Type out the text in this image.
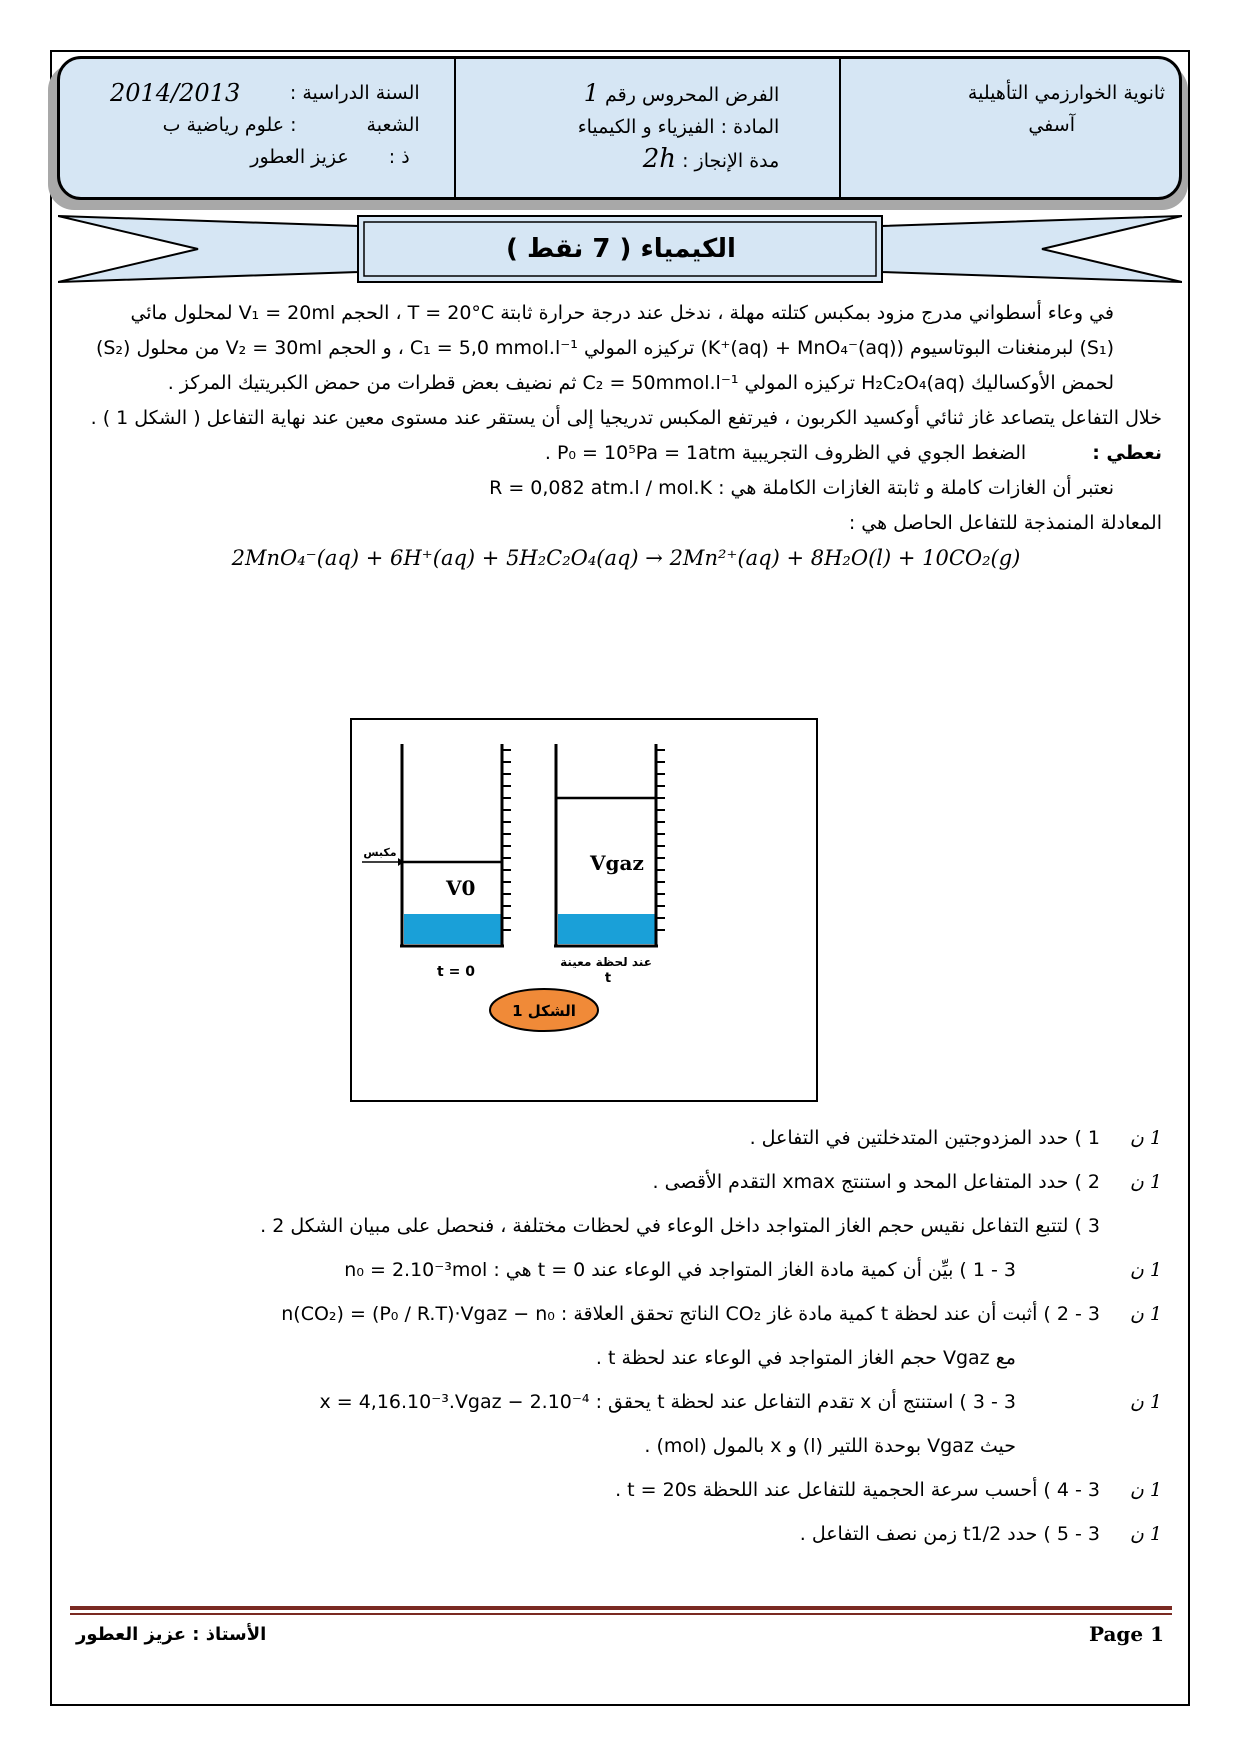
ثانوية الخوارزمي التأهيلية
آسفي
الفرض المحروس رقم 1
المادة : الفيزياء و الكيمياء
مدة الإنجاز : 2h
السنة الدراسية :
2014/2013
الشعبة
: علوم رياضية ب
ذ :
عزيز العطور
الكيمياء ( 7 نقط )

في وعاء أسطواني مدرج مزود بمكبس كتلته مهلة ، ندخل عند درجة حرارة ثابتة T = 20°C ، الحجم V₁ = 20ml لمحلول مائي (S₁) لبرمنغنات البوتاسيوم (K⁺(aq) + MnO₄⁻(aq)) تركيزه المولي C₁ = 5,0 mmol.l⁻¹ ، و الحجم V₂ = 30ml من محلول (S₂) لحمض الأوكساليك H₂C₂O₄(aq) تركيزه المولي C₂ = 50mmol.l⁻¹ ثم نضيف بعض قطرات من حمض الكبريتيك المركز .

خلال التفاعل يتصاعد غاز ثنائي أوكسيد الكربون ، فيرتفع المكبس تدريجيا إلى أن يستقر عند مستوى معين عند نهاية التفاعل ( الشكل 1 ) .

نعطي : الضغط الجوي في الظروف التجريبية P₀ = 10⁵Pa = 1atm .

نعتبر أن الغازات كاملة و ثابتة الغازات الكاملة هي : R = 0,082 atm.l / mol.K

المعادلة المنمذجة للتفاعل الحاصل هي :

2MnO₄⁻(aq) + 6H⁺(aq) + 5H₂C₂O₄(aq) → 2Mn²⁺(aq) + 8H₂O(l) + 10CO₂(g)

مكبس
V0
Vgaz
t = 0
عند لحظة معينة
t
الشكل 1
1 ن
1 ) حدد المزدوجتين المتدخلتين في التفاعل .
1 ن
2 ) حدد المتفاعل المحد و استنتج xmax التقدم الأقصى .
3 ) لتتبع التفاعل نقيس حجم الغاز المتواجد داخل الوعاء في لحظات مختلفة ، فنحصل على مبيان الشكل 2 .
1 ن
3 - 1 ) بيِّن أن كمية مادة الغاز المتواجد في الوعاء عند t = 0 هي : n₀ = 2.10⁻³mol
1 ن
3 - 2 ) أثبت أن عند لحظة t كمية مادة غاز CO₂ الناتج تحقق العلاقة : n(CO₂) = (P₀ / R.T)·Vgaz − n₀
مع Vgaz حجم الغاز المتواجد في الوعاء عند لحظة t .
1 ن
3 - 3 ) استنتج أن x تقدم التفاعل عند لحظة t يحقق : x = 4,16.10⁻³.Vgaz − 2.10⁻⁴
حيث Vgaz بوحدة اللتير (l) و x بالمول (mol) .
1 ن
3 - 4 ) أحسب سرعة الحجمية للتفاعل عند اللحظة t = 20s .
1 ن
3 - 5 ) حدد t1/2 زمن نصف التفاعل .
Page 1
الأستاذ : عزيز العطور
